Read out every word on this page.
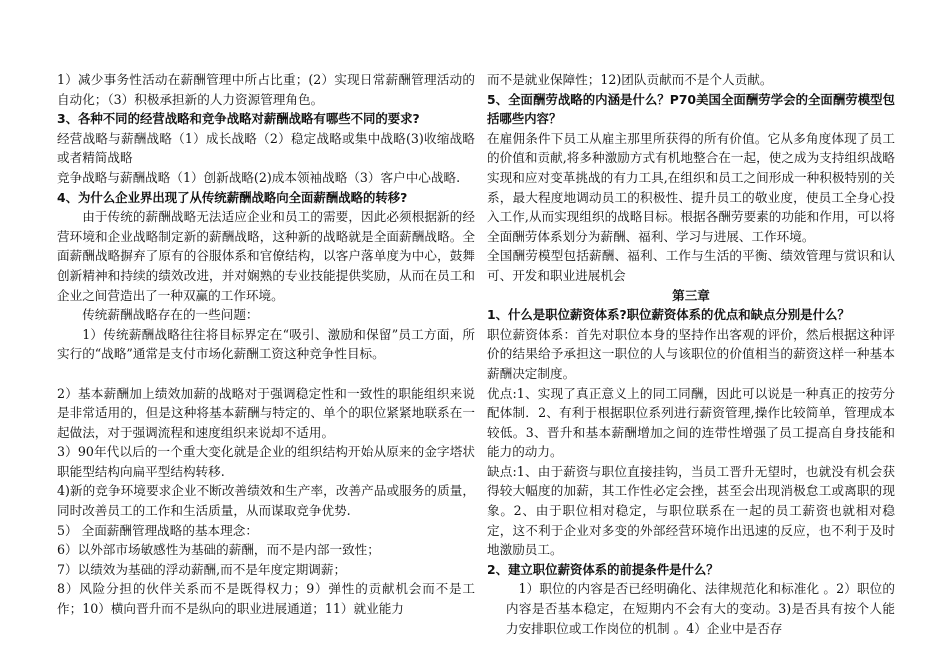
1）减少事务性活动在薪酬管理中所占比重；(2）实现日常薪酬管理活动的自动化；（3）积极承担新的人力资源管理角色。

3、各种不同的经营战略和竞争战略对薪酬战略有哪些不同的要求?

经营战略与薪酬战略（1）成长战略（2）稳定战略或集中战略(3)收缩战略或者精简战略

竞争战略与薪酬战略（1）创新战略(2)成本领袖战略（3）客户中心战略.

4、为什么企业界出现了从传统薪酬战略向全面薪酬战略的转移?

由于传统的薪酬战略无法适应企业和员工的需要，因此必须根据新的经营环境和企业战略制定新的薪酬战略，这种新的战略就是全面薪酬战略。全面薪酬战略摒弃了原有的谷服体系和官僚结构，以客户落单度为中心，鼓舞创新精神和持续的绩效改进，并对娴熟的专业技能提供奖励，从而在员工和企业之间营造出了一种双赢的工作环境。

传统薪酬战略存在的一些问题：

1）传统薪酬战略往往将目标界定在“吸引、激励和保留”员工方面，所实行的“战略”通常是支付市场化薪酬工资这种竞争性目标。

2）基本薪酬加上绩效加薪的战略对于强调稳定性和一致性的职能组织来说是非常适用的，但是这种将基本薪酬与特定的、单个的职位紧紧地联系在一起做法，对于强调流程和速度组织来说却不适用。

3）90年代以后的一个重大变化就是企业的组织结构开始从原来的金字塔状 职能型结构向扁平型结构转移.

4)新的竞争环境要求企业不断改善绩效和生产率，改善产品或服务的质量，同时改善员工的工作和生活质量，从而谋取竞争优势.

5） 全面薪酬管理战略的基本理念：

6）以外部市场敏感性为基础的薪酬，而不是内部一致性；

7）以绩效为基础的浮动薪酬,而不是年度定期调薪；

8）风险分担的伙伴关系而不是既得权力；9）弹性的贡献机会而不是工作；10）横向晋升而不是纵向的职业进展通道；11）就业能力

而不是就业保障性；12)团队贡献而不是个人贡献。

5、全面酬劳战略的内涵是什么？P70美国全面酬劳学会的全面酬劳模型包括哪些内容？

在雇佣条件下员工从雇主那里所获得的所有价值。它从多角度体现了员工的价值和贡献,将多种激励方式有机地整合在一起，使之成为支持组织战略实现和应对变革挑战的有力工具,在组织和员工之间形成一种积极特别的关系，最大程度地调动员工的积极性、提升员工的敬业度，使员工全身心投入工作,从而实现组织的战略目标。根据各酬劳要素的功能和作用，可以将全面酬劳体系划分为薪酬、福利、学习与进展、工作环境。

全国酬劳模型包括薪酬、福利、工作与生活的平衡、绩效管理与赏识和认可、开发和职业进展机会

第三章

1、什么是职位薪资体系?职位薪资体系的优点和缺点分别是什么？

职位薪资体系：首先对职位本身的坚持作出客观的评价，然后根据这种评价的结果给予承担这一职位的人与该职位的价值相当的薪资这样一种基本薪酬决定制度。

优点:1、实现了真正意义上的同工同酬，因此可以说是一种真正的按劳分配体制．2、有利于根据职位系列进行薪资管理,操作比较简单，管理成本较低。3、晋升和基本薪酬增加之间的连带性增强了员工提高自身技能和能力的动力。

缺点:1、由于薪资与职位直接挂钩，当员工晋升无望时，也就没有机会获得较大幅度的加薪，其工作性必定会挫，甚至会出现消极怠工或离职的现象。2、由于职位相对稳定，与职位联系在一起的员工薪资也就相对稳定，这不利于企业对多变的外部经营环境作出迅速的反应，也不利于及时地激励员工。

2、建立职位薪资体系的前提条件是什么？

1）职位的内容是否已经明确化、法律规范化和标准化 。2）职位的内容是否基本稳定，在短期内不会有大的变动。3)是否具有按个人能力安排职位或工作岗位的机制 。4）企业中是否存
